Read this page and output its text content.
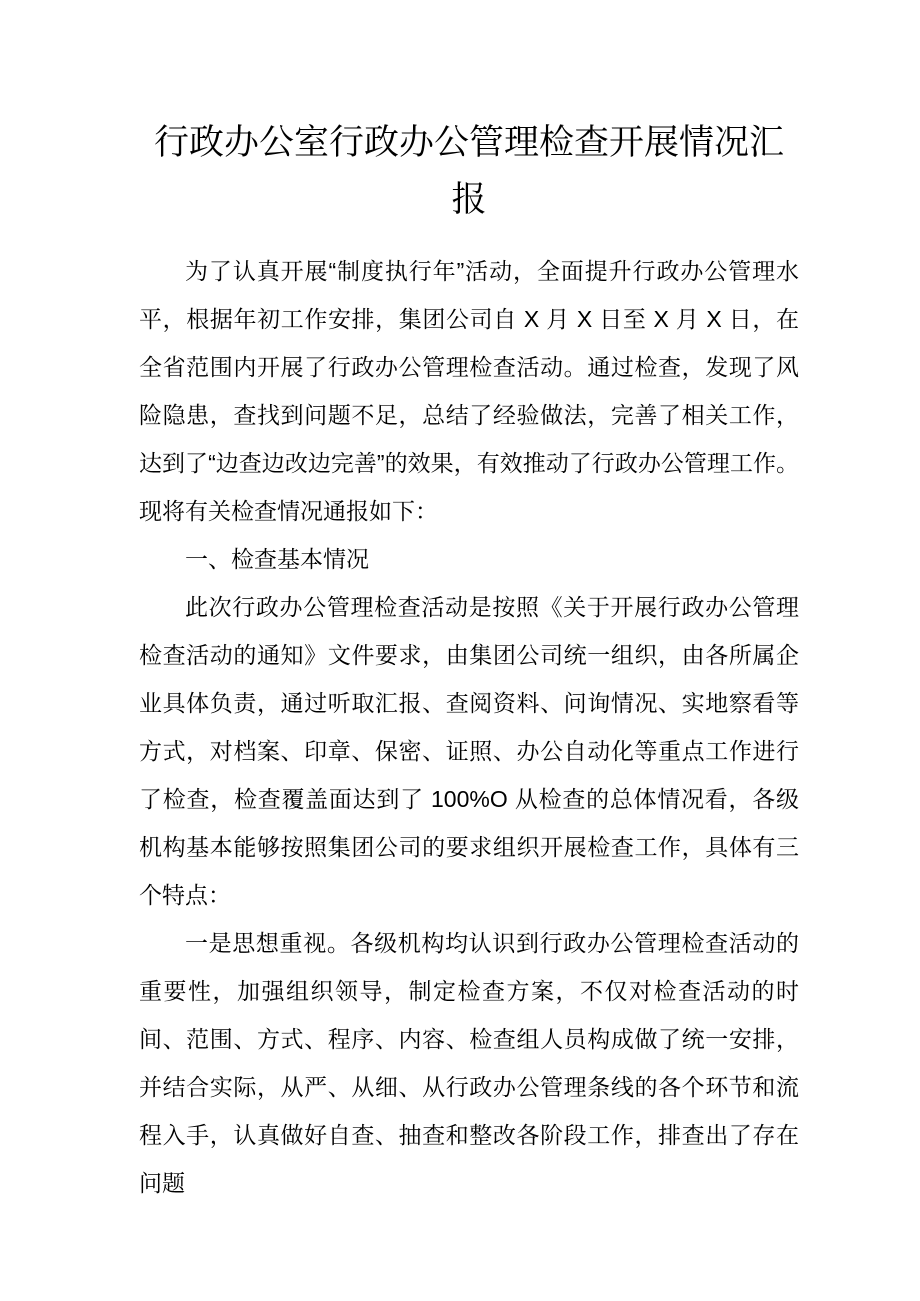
行政办公室行政办公管理检查开展情况汇报

为了认真开展“制度执行年”活动，全面提升行政办公管理水平，根据年初工作安排，集团公司自 X 月 X 日至 X 月 X 日，在全省范围内开展了行政办公管理检查活动。通过检查，发现了风险隐患，查找到问题不足，总结了经验做法，完善了相关工作，达到了“边查边改边完善”的效果，有效推动了行政办公管理工作。现将有关检查情况通报如下：

一、检查基本情况

此次行政办公管理检查活动是按照《关于开展行政办公管理检查活动的通知》文件要求，由集团公司统一组织，由各所属企业具体负责，通过听取汇报、查阅资料、问询情况、实地察看等方式，对档案、印章、保密、证照、办公自动化等重点工作进行了检查，检查覆盖面达到了 100%O 从检查的总体情况看，各级机构基本能够按照集团公司的要求组织开展检查工作，具体有三个特点：

一是思想重视。各级机构均认识到行政办公管理检查活动的重要性，加强组织领导，制定检查方案，不仅对检查活动的时间、范围、方式、程序、内容、检查组人员构成做了统一安排，并结合实际，从严、从细、从行政办公管理条线的各个环节和流程入手，认真做好自查、抽查和整改各阶段工作，排查出了存在问题
